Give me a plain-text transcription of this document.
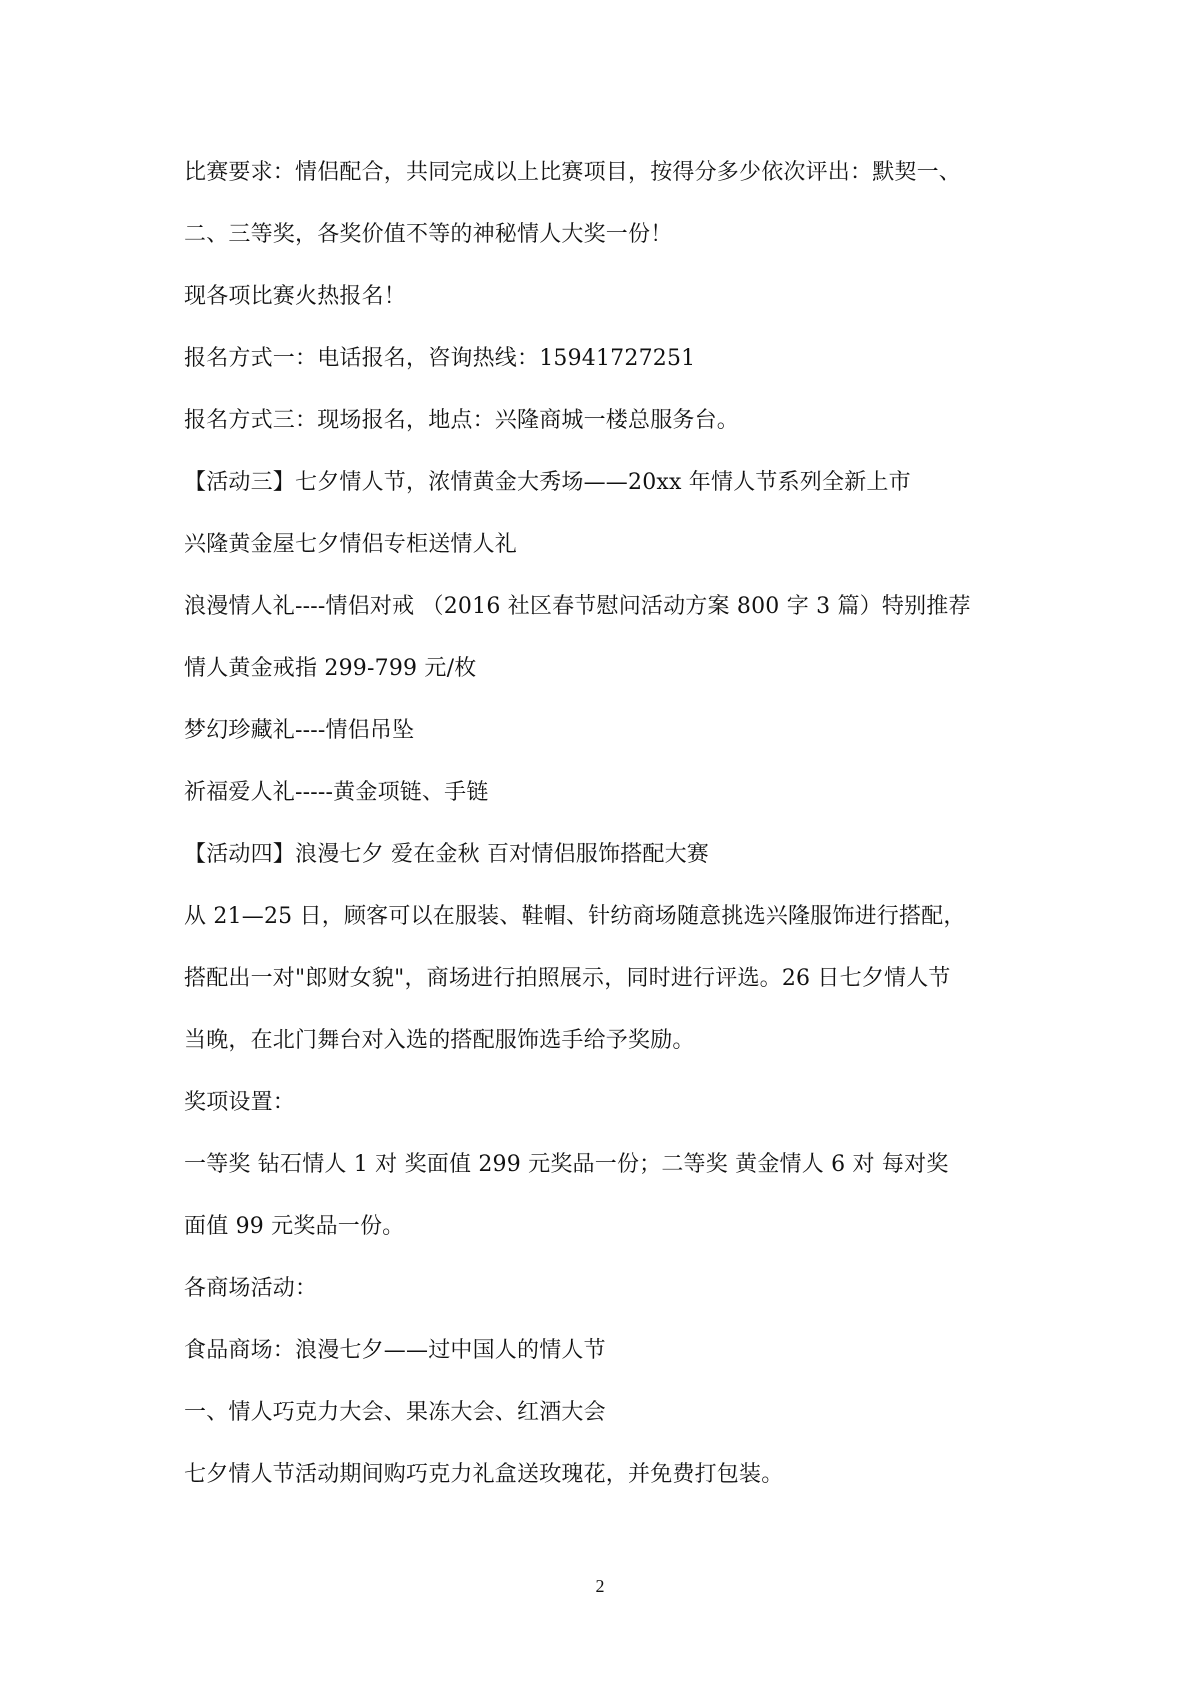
比赛要求：情侣配合，共同完成以上比赛项目，按得分多少依次评出：默契一、
二、三等奖，各奖价值不等的神秘情人大奖一份！
现各项比赛火热报名！
报名方式一：电话报名，咨询热线：15941727251
报名方式三：现场报名，地点：兴隆商城一楼总服务台。
【活动三】七夕情人节，浓情黄金大秀场——20xx 年情人节系列全新上市
兴隆黄金屋七夕情侣专柜送情人礼
浪漫情人礼----情侣对戒 （2016 社区春节慰问活动方案 800 字 3 篇）特别推荐
情人黄金戒指 299-799 元/枚
梦幻珍藏礼----情侣吊坠
祈福爱人礼-----黄金项链、手链
【活动四】浪漫七夕 爱在金秋 百对情侣服饰搭配大赛
从 21—25 日，顾客可以在服装、鞋帽、针纺商场随意挑选兴隆服饰进行搭配，
搭配出一对"郎财女貌"，商场进行拍照展示，同时进行评选。26 日七夕情人节
当晚，在北门舞台对入选的搭配服饰选手给予奖励。
奖项设置：
一等奖 钻石情人 1 对 奖面值 299 元奖品一份；二等奖 黄金情人 6 对 每对奖
面值 99 元奖品一份。
各商场活动：
食品商场：浪漫七夕——过中国人的情人节
一、情人巧克力大会、果冻大会、红酒大会
七夕情人节活动期间购巧克力礼盒送玫瑰花，并免费打包装。
2
